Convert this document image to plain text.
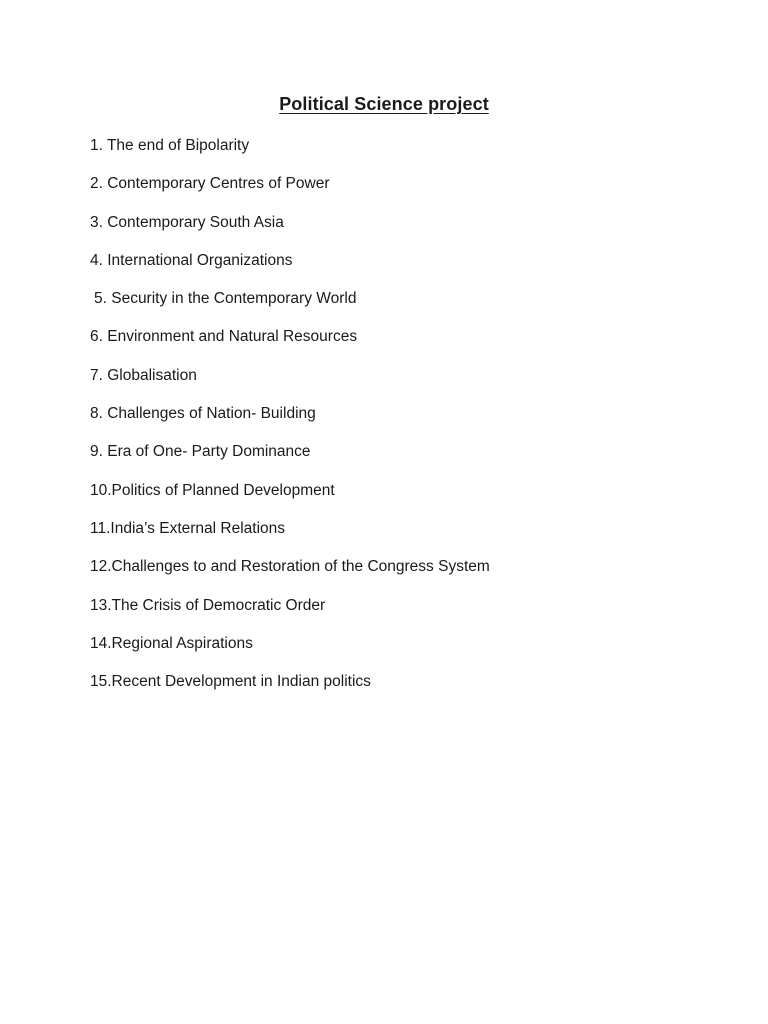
Political Science project
1. The end of Bipolarity
2. Contemporary Centres of Power
3. Contemporary South Asia
4. International Organizations
5. Security in the Contemporary World
6. Environment and Natural Resources
7. Globalisation
8. Challenges of Nation- Building
9. Era of One- Party Dominance
10.Politics of Planned Development
11.India’s External Relations
12.Challenges to and Restoration of the Congress System
13.The Crisis of Democratic Order
14.Regional Aspirations
15.Recent Development in Indian politics
